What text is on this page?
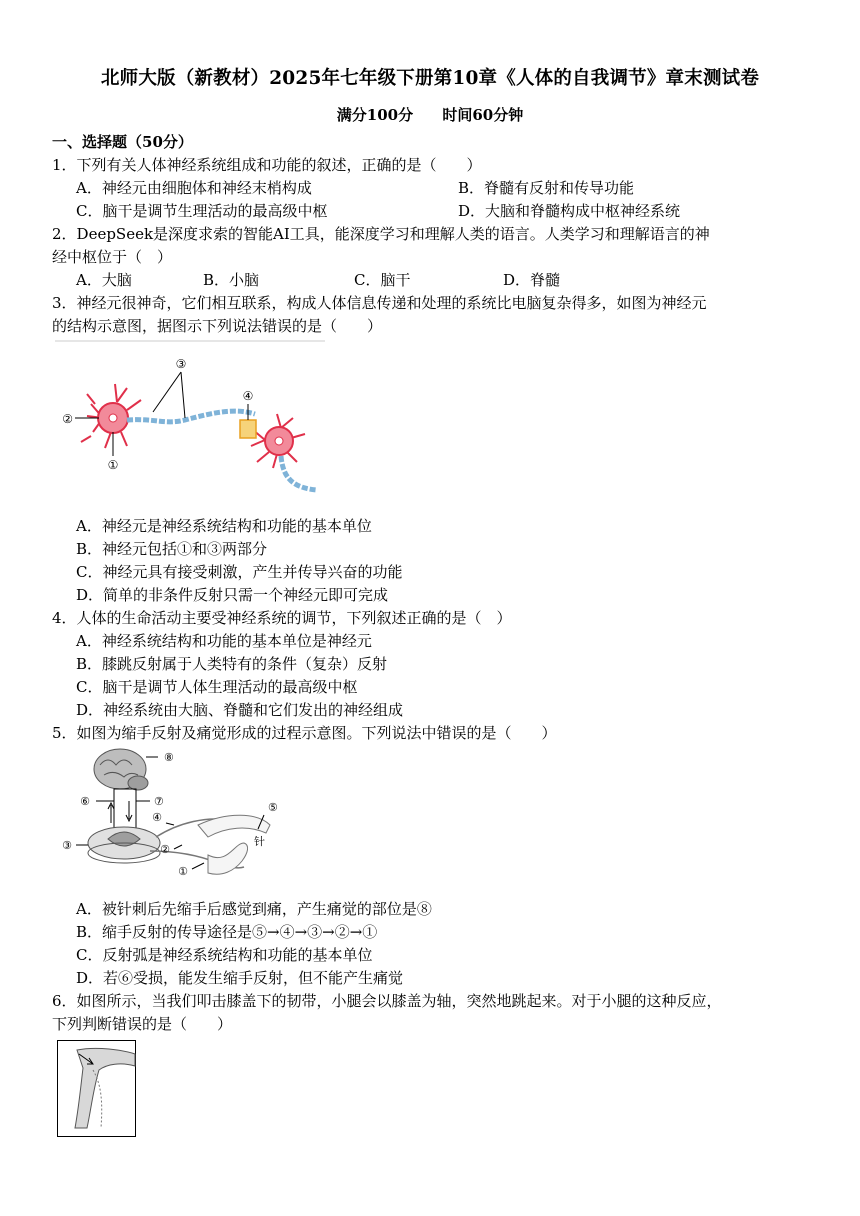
北师大版（新教材）2025年七年级下册第10章《人体的自我调节》章末测试卷
满分100分 时间60分钟
一、选择题（50分）
1．下列有关人体神经系统组成和功能的叙述，正确的是（　　）
A．神经元由细胞体和神经末梢构成	B．脊髓有反射和传导功能
C．脑干是调节生理活动的最高级中枢	D．大脑和脊髓构成中枢神经系统
2．DeepSeek是深度求索的智能AI工具，能深度学习和理解人类的语言。人类学习和理解语言的神
经中枢位于（　）
A．大脑	B．小脑	C．脑干	D．脊髓
3．神经元很神奇，它们相互联系，构成人体信息传递和处理的系统比电脑复杂得多，如图为神经元
的结构示意图，据图示下列说法错误的是（　　）
②
①
③
④
A．神经元是神经系统结构和功能的基本单位
B．神经元包括①和③两部分
C．神经元具有接受刺激，产生并传导兴奋的功能
D．简单的非条件反射只需一个神经元即可完成
4．人体的生命活动主要受神经系统的调节，下列叙述正确的是（　）
A．神经系统结构和功能的基本单位是神经元
B．膝跳反射属于人类特有的条件（复杂）反射
C．脑干是调节人体生理活动的最高级中枢
D．神经系统由大脑、脊髓和它们发出的神经组成
5．如图为缩手反射及痛觉形成的过程示意图。下列说法中错误的是（　　）
⑧
⑥	⑦
③
④
⑤
针
②
①
A．被针刺后先缩手后感觉到痛，产生痛觉的部位是⑧
B．缩手反射的传导途径是⑤→④→③→②→①
C．反射弧是神经系统结构和功能的基本单位
D．若⑥受损，能发生缩手反射，但不能产生痛觉
6．如图所示，当我们叩击膝盖下的韧带，小腿会以膝盖为轴，突然地跳起来。对于小腿的这种反应，
下列判断错误的是（　　）
